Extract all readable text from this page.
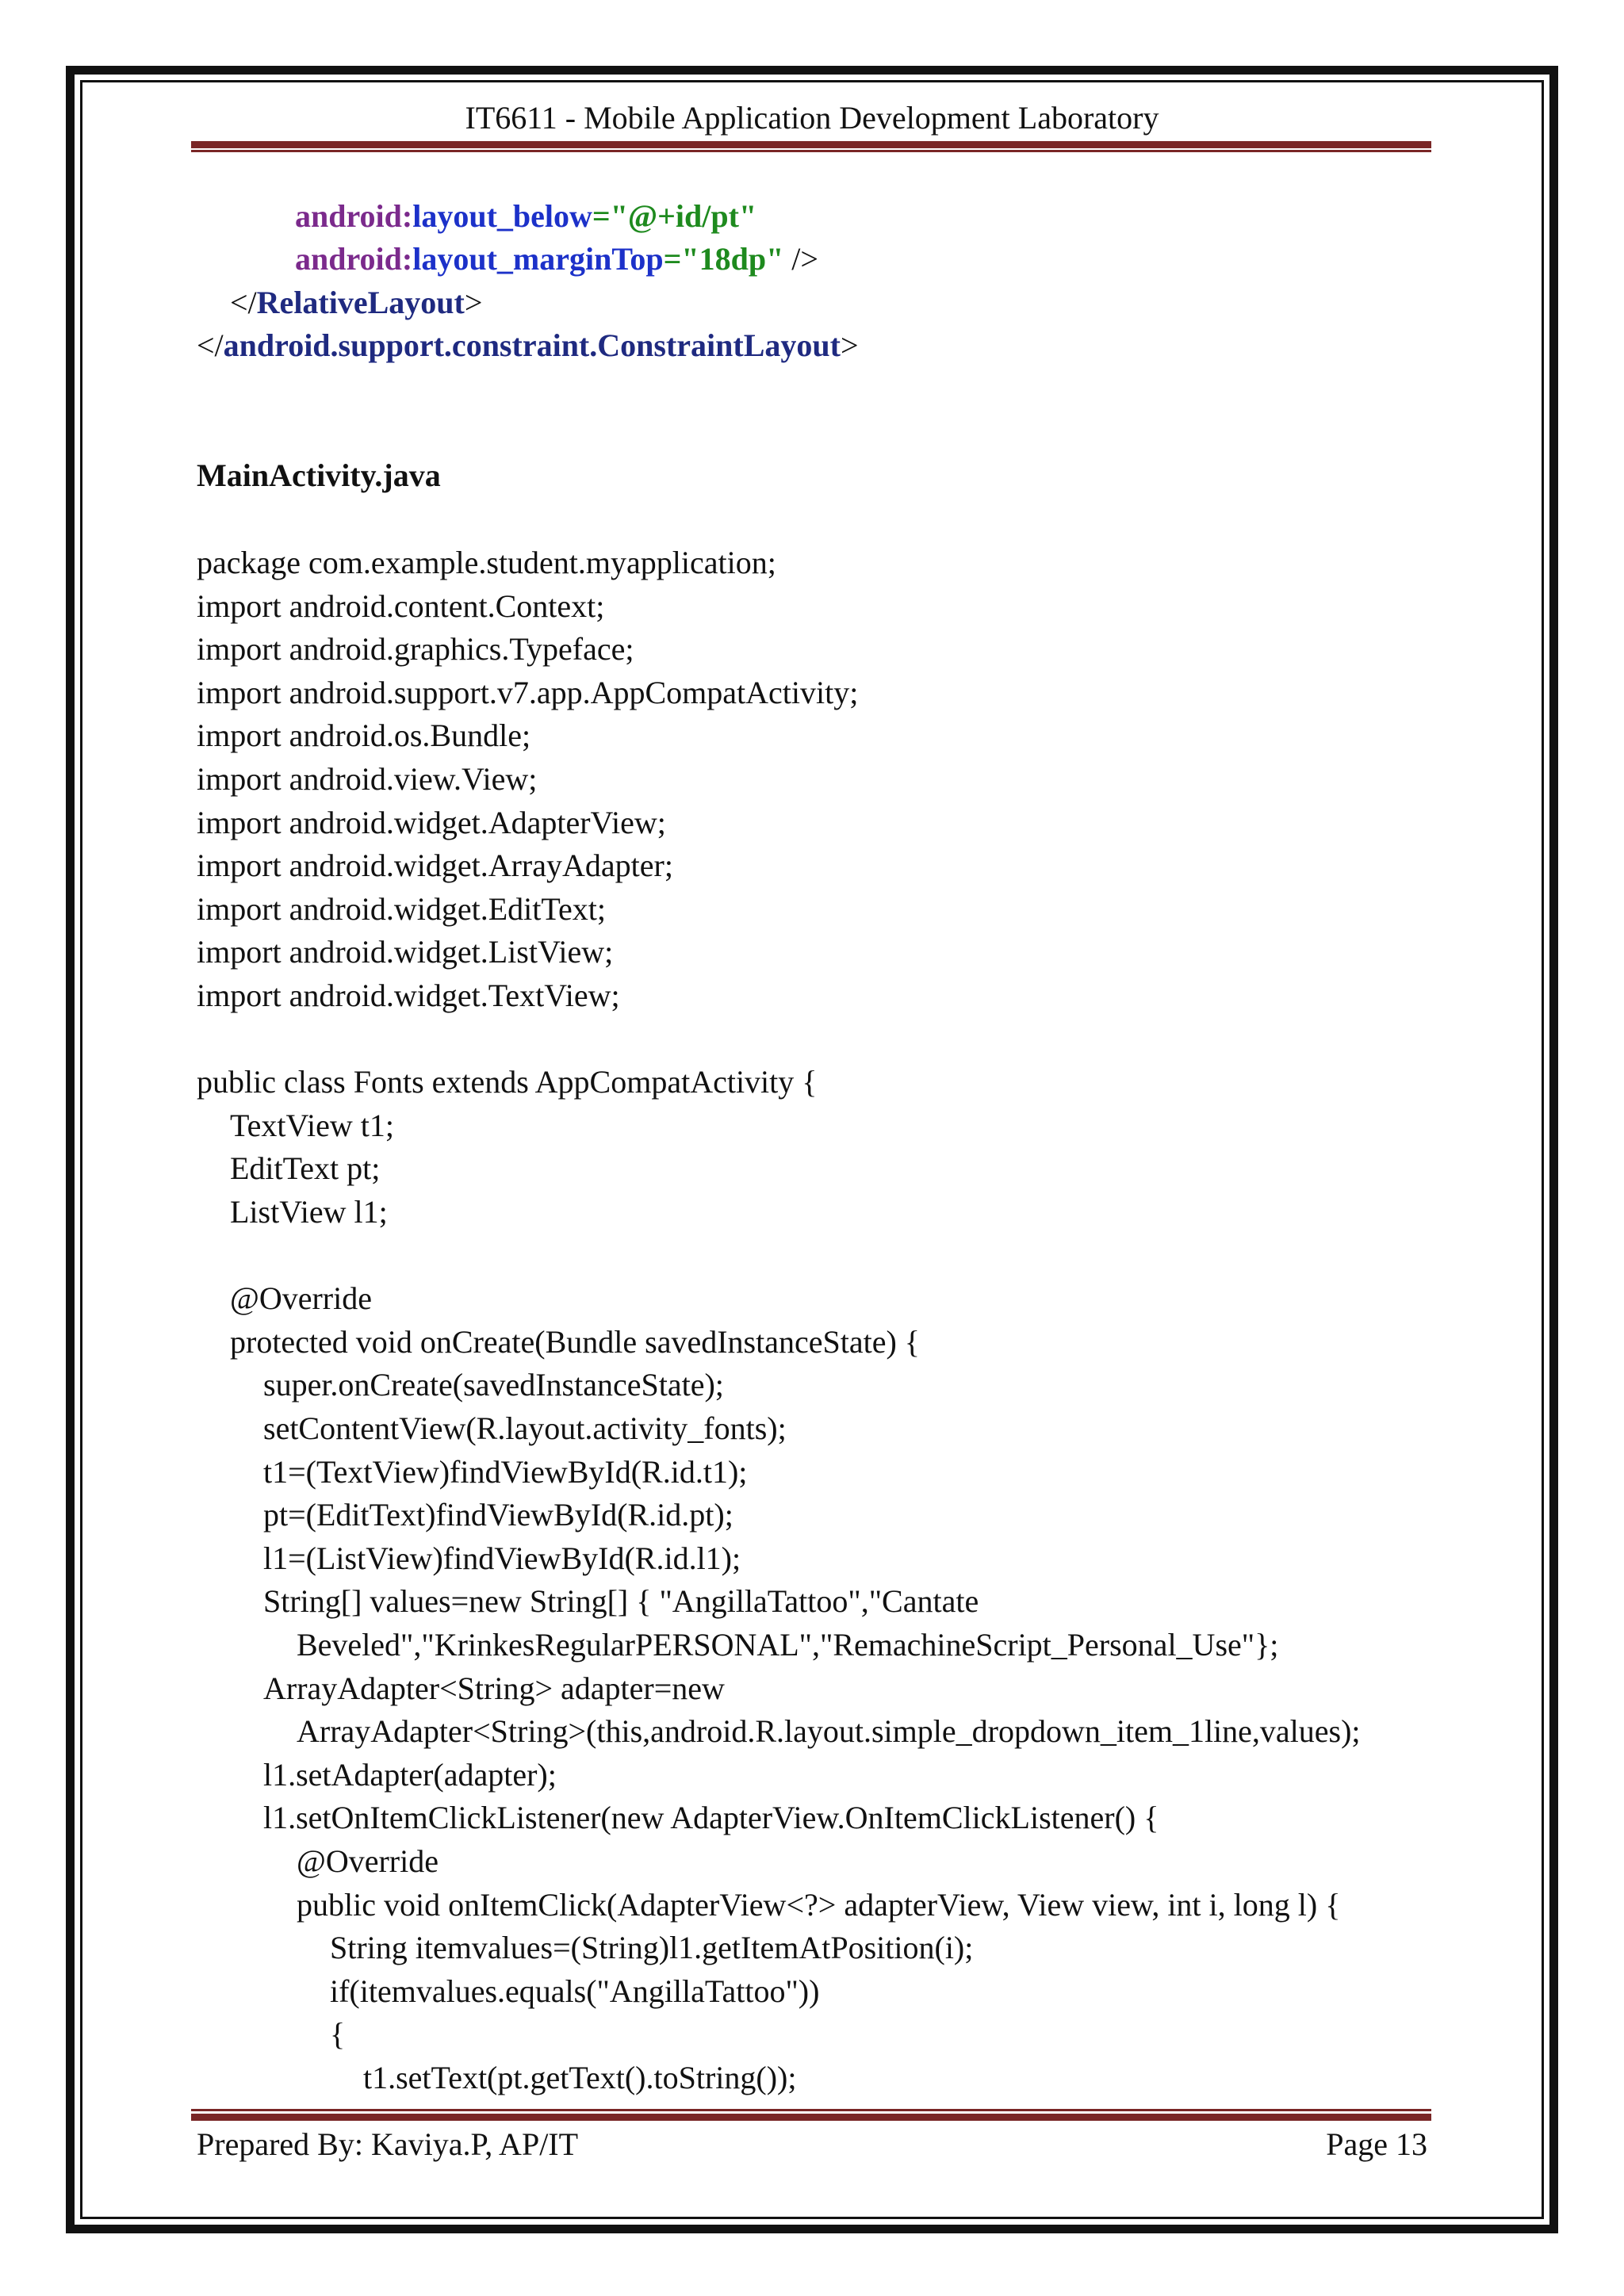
IT6611 - Mobile Application Development Laboratory
android:layout_below="@+id/pt"
android:layout_marginTop="18dp" />
</RelativeLayout>
</android.support.constraint.ConstraintLayout>
MainActivity.java
package com.example.student.myapplication;
import android.content.Context;
import android.graphics.Typeface;
import android.support.v7.app.AppCompatActivity;
import android.os.Bundle;
import android.view.View;
import android.widget.AdapterView;
import android.widget.ArrayAdapter;
import android.widget.EditText;
import android.widget.ListView;
import android.widget.TextView;
public class Fonts extends AppCompatActivity {
TextView t1;
EditText pt;
ListView l1;
@Override
protected void onCreate(Bundle savedInstanceState) {
super.onCreate(savedInstanceState);
setContentView(R.layout.activity_fonts);
t1=(TextView)findViewById(R.id.t1);
pt=(EditText)findViewById(R.id.pt);
l1=(ListView)findViewById(R.id.l1);
String[] values=new String[] { "AngillaTattoo","Cantate
Beveled","KrinkesRegularPERSONAL","RemachineScript_Personal_Use"};
ArrayAdapter<String> adapter=new
ArrayAdapter<String>(this,android.R.layout.simple_dropdown_item_1line,values);
l1.setAdapter(adapter);
l1.setOnItemClickListener(new AdapterView.OnItemClickListener() {
@Override
public void onItemClick(AdapterView<?> adapterView, View view, int i, long l) {
String itemvalues=(String)l1.getItemAtPosition(i);
if(itemvalues.equals("AngillaTattoo"))
{
t1.setText(pt.getText().toString());
Prepared By: Kaviya.P, AP/IT	Page 13
